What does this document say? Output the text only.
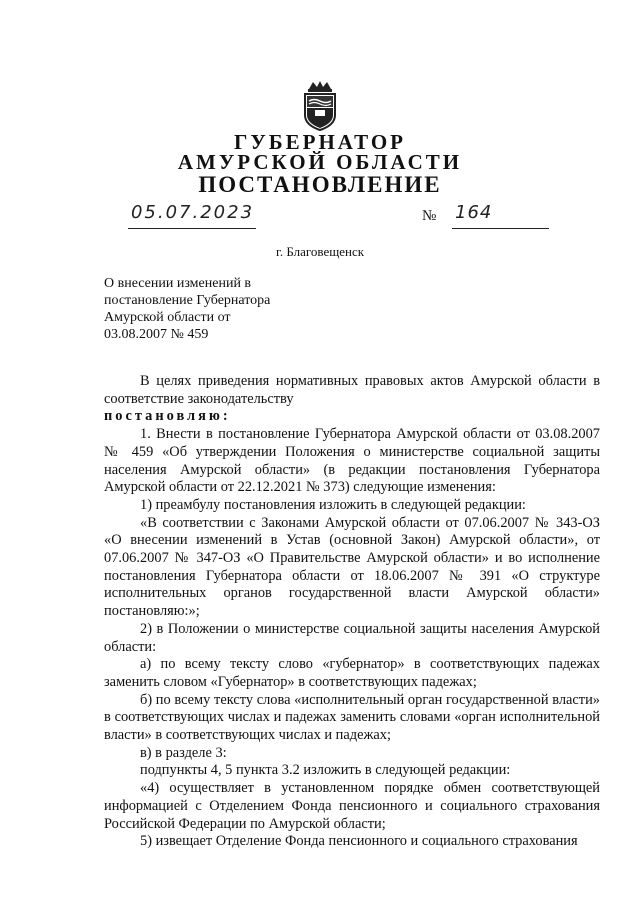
ГУБЕРНАТОР
АМУРСКОЙ ОБЛАСТИ
ПОСТАНОВЛЕНИЕ
05.07.2023	№ 164
г. Благовещенск
О внесении изменений в
постановление Губернатора
Амурской области от
03.08.2007 № 459

В целях приведения нормативных правовых актов Амурской области в соответствие законодательству

постановляю:

1. Внести в постановление Губернатора Амурской области от 03.08.2007 № 459 «Об утверждении Положения о министерстве социальной защиты населения Амурской области» (в редакции постановления Губернатора Амурской области от 22.12.2021 № 373) следующие изменения:

1) преамбулу постановления изложить в следующей редакции:

«В соответствии с Законами Амурской области от 07.06.2007 № 343-ОЗ «О внесении изменений в Устав (основной Закон) Амурской области», от 07.06.2007 № 347-ОЗ «О Правительстве Амурской области» и во исполнение постановления Губернатора области от 18.06.2007 № 391 «О структуре исполнительных органов государственной власти Амурской области» постановляю:»;

2) в Положении о министерстве социальной защиты населения Амурской области:

а) по всему тексту слово «губернатор» в соответствующих падежах заменить словом «Губернатор» в соответствующих падежах;

б) по всему тексту слова «исполнительный орган государственной власти» в соответствующих числах и падежах заменить словами «орган исполнительной власти» в соответствующих числах и падежах;

в) в разделе 3:

подпункты 4, 5 пункта 3.2 изложить в следующей редакции:

«4) осуществляет в установленном порядке обмен соответствующей информацией с Отделением Фонда пенсионного и социального страхования Российской Федерации по Амурской области;

5) извещает Отделение Фонда пенсионного и социального страхования
